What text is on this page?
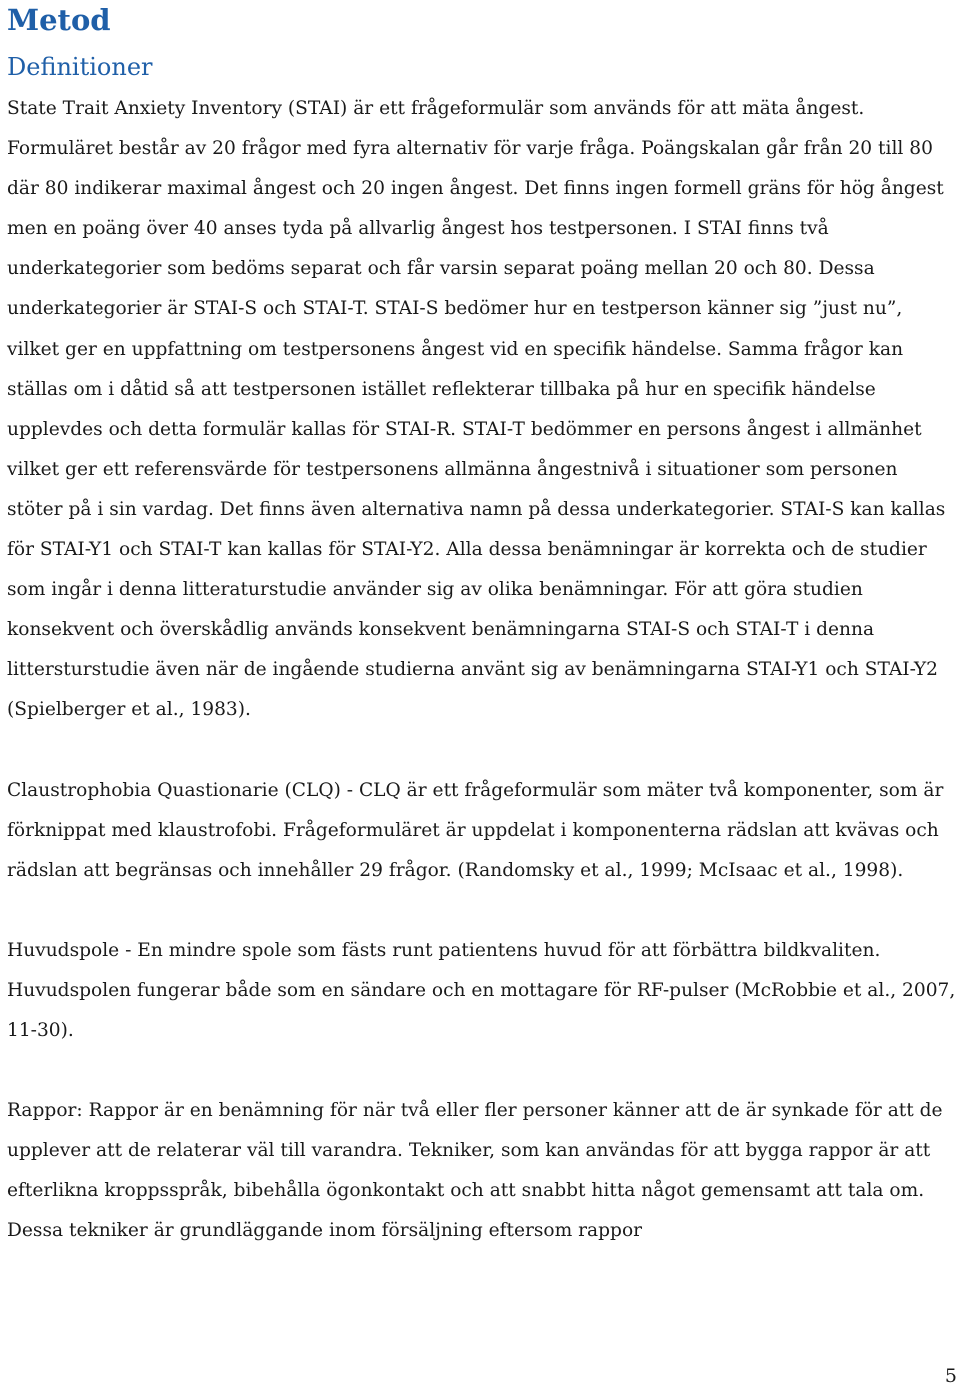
Metod
Definitioner

State Trait Anxiety Inventory (STAI) är ett frågeformulär som används för att mäta ångest. Formuläret består av 20 frågor med fyra alternativ för varje fråga. Poängskalan går från 20 till 80 där 80 indikerar maximal ångest och 20 ingen ångest. Det finns ingen formell gräns för hög ångest men en poäng över 40 anses tyda på allvarlig ångest hos testpersonen. I STAI finns två underkategorier som bedöms separat och får varsin separat poäng mellan 20 och 80. Dessa underkategorier är STAI-S och STAI-T. STAI-S bedömer hur en testperson känner sig ”just nu”, vilket ger en uppfattning om testpersonens ångest vid en specifik händelse. Samma frågor kan ställas om i dåtid så att testpersonen istället reflekterar tillbaka på hur en specifik händelse upplevdes och detta formulär kallas för STAI-R. STAI-T bedömmer en persons ångest i allmänhet vilket ger ett referensvärde för testpersonens allmänna ångestnivå i situationer som personen stöter på i sin vardag. Det finns även alternativa namn på dessa underkategorier. STAI-S kan kallas för STAI-Y1 och STAI-T kan kallas för STAI-Y2. Alla dessa benämningar är korrekta och de studier som ingår i denna litteraturstudie använder sig av olika benämningar. För att göra studien konsekvent och överskådlig används konsekvent benämningarna STAI-S och STAI-T i denna littersturstudie även när de ingående studierna använt sig av benämningarna STAI-Y1 och STAI-Y2 (Spielberger et al., 1983).

Claustrophobia Quastionarie (CLQ) - CLQ är ett frågeformulär som mäter två komponenter, som är förknippat med klaustrofobi. Frågeformuläret är uppdelat i komponenterna rädslan att kvävas och rädslan att begränsas och innehåller 29 frågor. (Randomsky et al., 1999; McIsaac et al., 1998).

Huvudspole - En mindre spole som fästs runt patientens huvud för att förbättra bildkvaliten. Huvudspolen fungerar både som en sändare och en mottagare för RF-pulser (McRobbie et al., 2007, 11-30).

Rappor: Rappor är en benämning för när två eller fler personer känner att de är synkade för att de upplever att de relaterar väl till varandra. Tekniker, som kan användas för att bygga rappor är att efterlikna kroppsspråk, bibehålla ögonkontakt och att snabbt hitta något gemensamt att tala om. Dessa tekniker är grundläggande inom försäljning eftersom rappor

5
